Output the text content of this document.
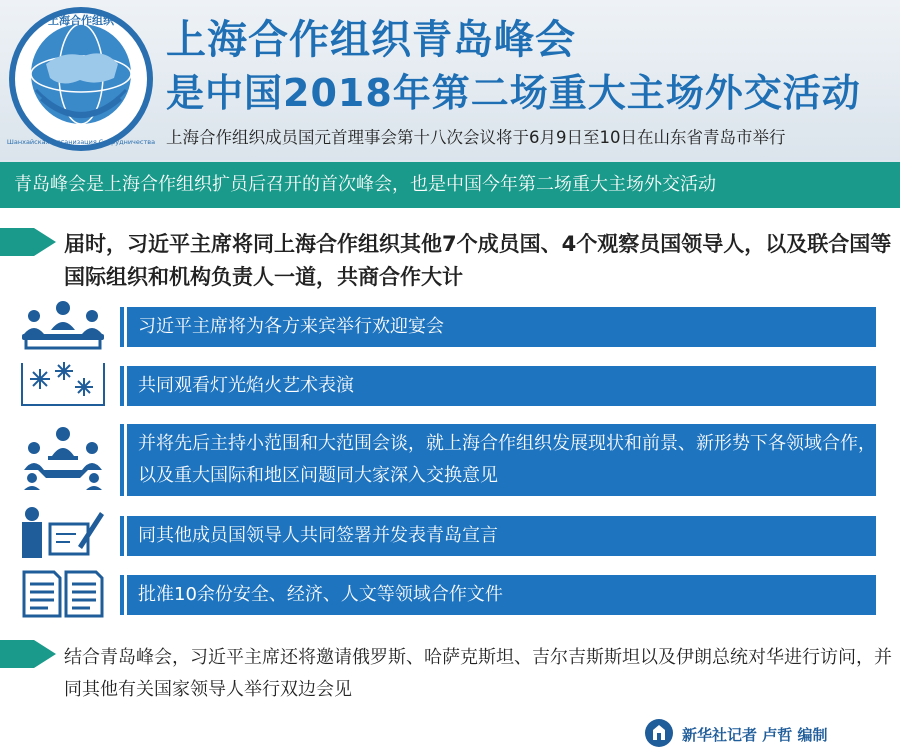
上海合作组织
Шанхайская Организация Сотрудничества
上海合作组织青岛峰会
是中国2018年第二场重大主场外交活动
上海合作组织成员国元首理事会第十八次会议将于6月9日至10日在山东省青岛市举行
青岛峰会是上海合作组织扩员后召开的首次峰会，也是中国今年第二场重大主场外交活动
届时，习近平主席将同上海合作组织其他7个成员国、4个观察员国领导人，以及联合国等国际组织和机构负责人一道，共商合作大计
习近平主席将为各方来宾举行欢迎宴会
共同观看灯光焰火艺术表演
并将先后主持小范围和大范围会谈，就上海合作组织发展现状和前景、新形势下各领域合作，以及重大国际和地区问题同大家深入交换意见
同其他成员国领导人共同签署并发表青岛宣言
批准10余份安全、经济、人文等领域合作文件
结合青岛峰会，习近平主席还将邀请俄罗斯、哈萨克斯坦、吉尔吉斯斯坦以及伊朗总统对华进行访问，并同其他有关国家领导人举行双边会见
新华社记者 卢哲 编制
